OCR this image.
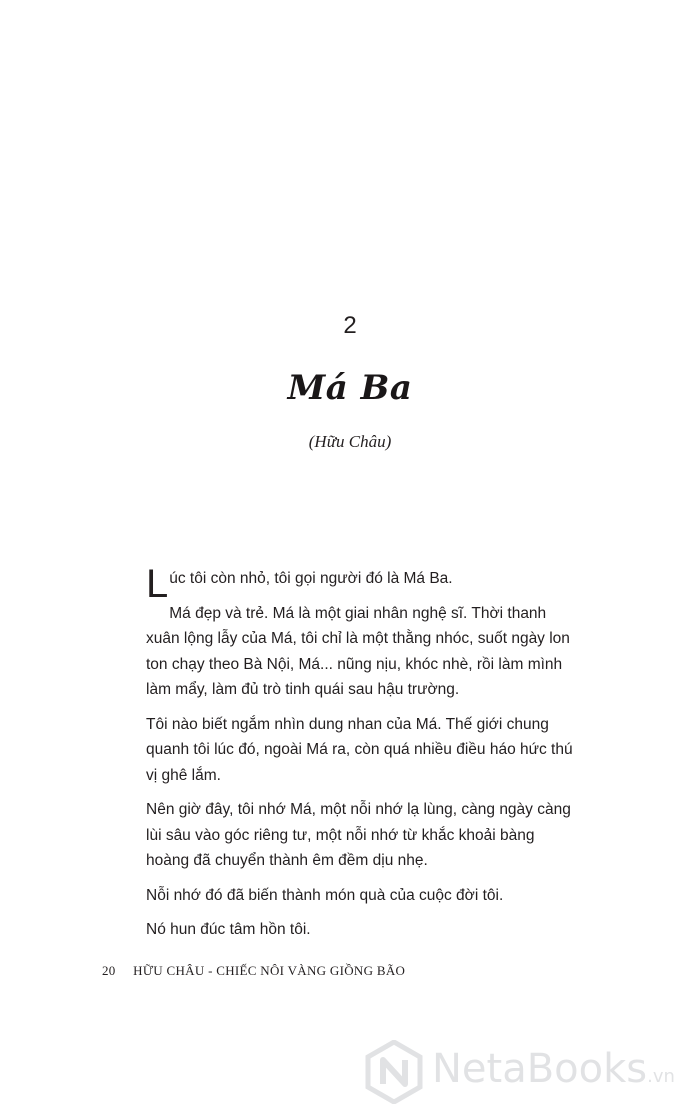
2
Má Ba
(Hữu Châu)

Lúc tôi còn nhỏ, tôi gọi người đó là Má Ba.

Má đẹp và trẻ. Má là một giai nhân nghệ sĩ. Thời thanh xuân lộng lẫy của Má, tôi chỉ là một thằng nhóc, suốt ngày lon ton chạy theo Bà Nội, Má... nũng nịu, khóc nhè, rồi làm mình làm mẩy, làm đủ trò tinh quái sau hậu trường.

Tôi nào biết ngắm nhìn dung nhan của Má. Thế giới chung quanh tôi lúc đó, ngoài Má ra, còn quá nhiều điều háo hức thú vị ghê lắm.

Nên giờ đây, tôi nhớ Má, một nỗi nhớ lạ lùng, càng ngày càng lùi sâu vào góc riêng tư, một nỗi nhớ từ khắc khoải bàng hoàng đã chuyển thành êm đềm dịu nhẹ.

Nỗi nhớ đó đã biến thành món quà của cuộc đời tôi.

Nó hun đúc tâm hồn tôi.

20 HỮU CHÂU - CHIẾC NÔI VÀNG GIỒNG BÃO
NetaBooks.vn
